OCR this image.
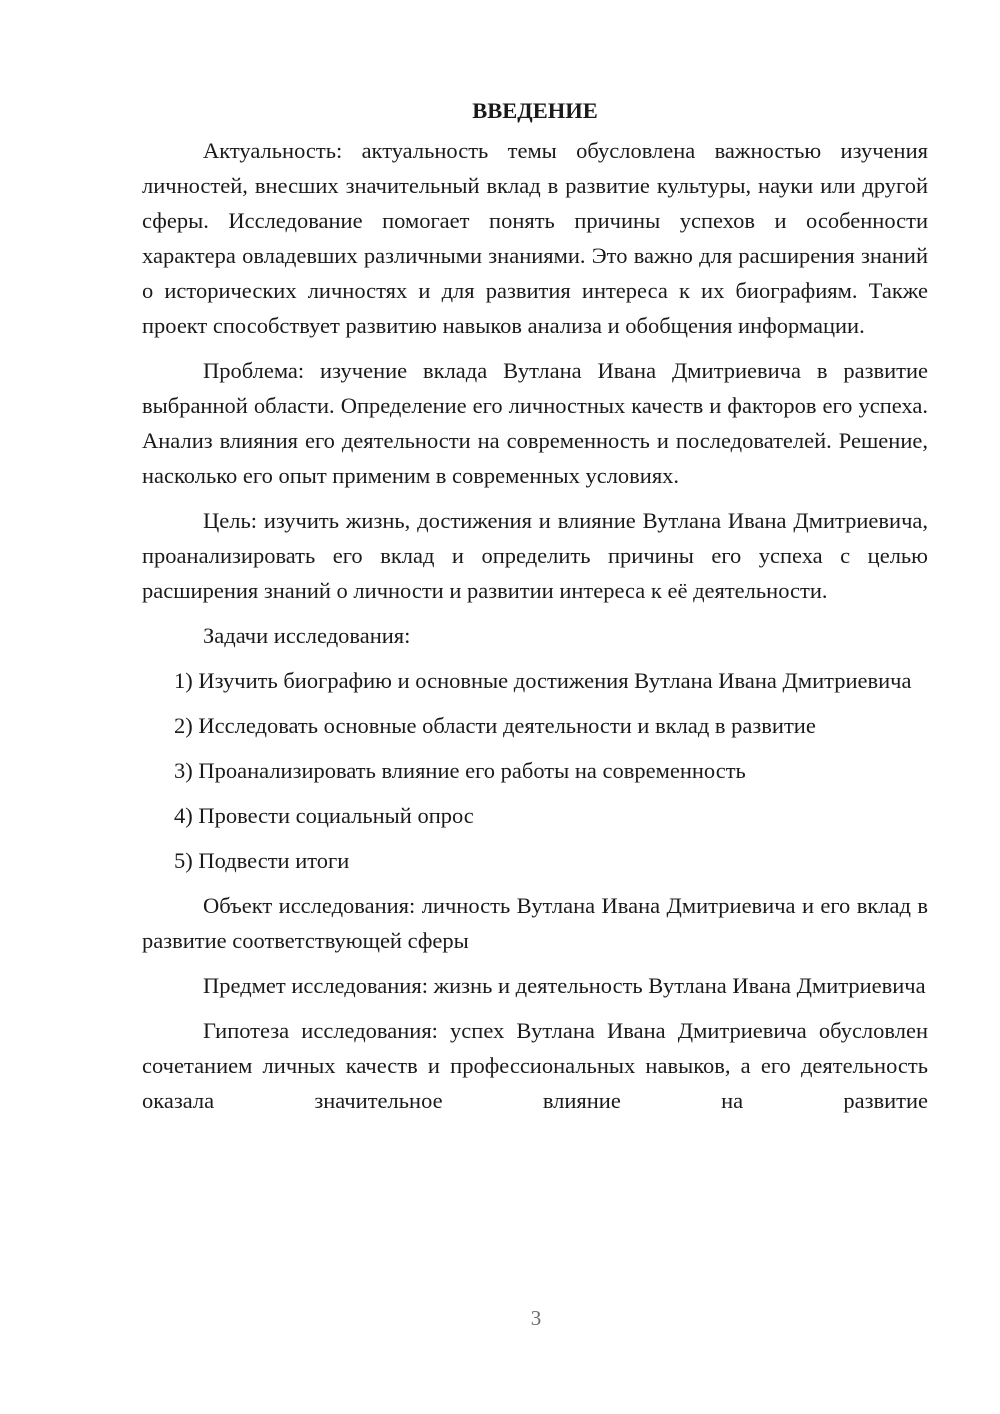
ВВЕДЕНИЕ

Актуальность: актуальность темы обусловлена важностью изучения личностей, внесших значительный вклад в развитие культуры, науки или другой сферы. Исследование помогает понять причины успехов и особенности характера овладевших различными знаниями. Это важно для расширения знаний о исторических личностях и для развития интереса к их биографиям. Также проект способствует развитию навыков анализа и обобщения информации.

Проблема: изучение вклада Вутлана Ивана Дмитриевича в развитие выбранной области. Определение его личностных качеств и факторов его успеха. Анализ влияния его деятельности на современность и последователей. Решение, насколько его опыт применим в современных условиях.

Цель: изучить жизнь, достижения и влияние Вутлана Ивана Дмитриевича, проанализировать его вклад и определить причины его успеха с целью расширения знаний о личности и развитии интереса к её деятельности.

Задачи исследования:

1) Изучить биографию и основные достижения Вутлана Ивана Дмитриевича

2) Исследовать основные области деятельности и вклад в развитие

3) Проанализировать влияние его работы на современность

4) Провести социальный опрос

5) Подвести итоги

Объект исследования: личность Вутлана Ивана Дмитриевича и его вклад в развитие соответствующей сферы

Предмет исследования: жизнь и деятельность Вутлана Ивана Дмитриевича

Гипотеза исследования: успех Вутлана Ивана Дмитриевича обусловлен сочетанием личных качеств и профессиональных навыков, а его деятельность оказала значительное влияние на развитие

3
